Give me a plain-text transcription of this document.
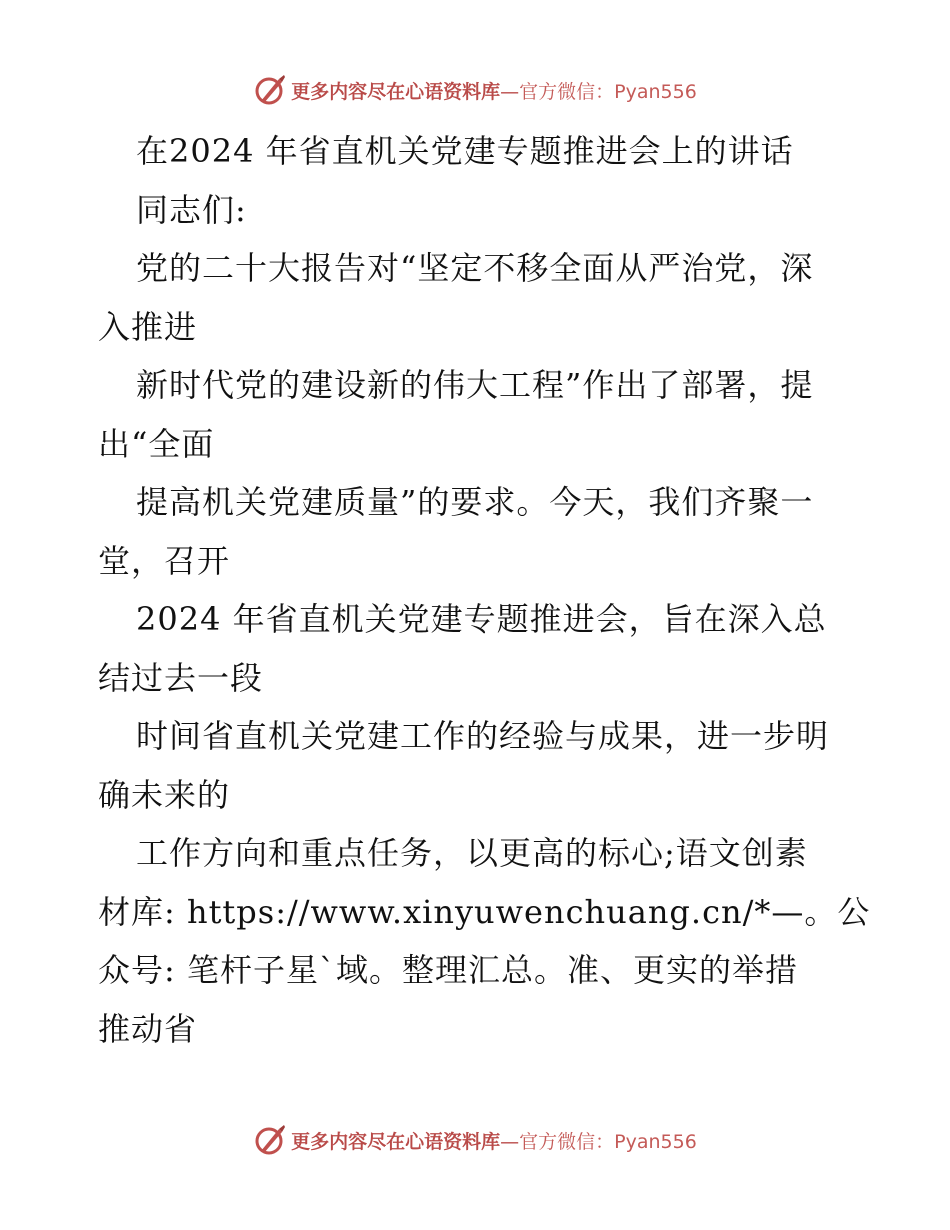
更多内容尽在心语资料库—官方微信：Pyan556
在2024 年省直机关党建专题推进会上的讲话
同志们:
党的二十大报告对“坚定不移全面从严治党，深
入推进
新时代党的建设新的伟大工程”作出了部署，提
出“全面
提高机关党建质量”的要求。今天，我们齐聚一
堂，召开
2024 年省直机关党建专题推进会，旨在深入总
结过去一段
时间省直机关党建工作的经验与成果，进一步明
确未来的
工作方向和重点任务，以更高的标心;语文创素
材库: https://www.xinyuwenchuang.cn/*—。公
众号: 笔杆子星`域。整理汇总。准、更实的举措
推动省
更多内容尽在心语资料库—官方微信：Pyan556
